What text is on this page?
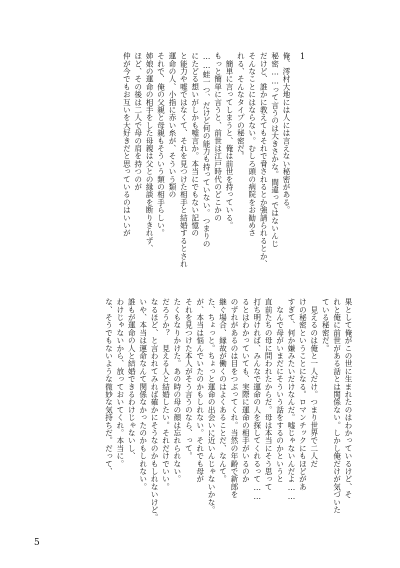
1
俺、澪村大地には人には言えない秘密がある。
秘密……って言うのは大きさかな。間違っではないんじ
だけど、誰かに教えてもそれで脅されるとか強請られるとか、
そんなことにはならない。むしろ頭の病院をお勧めさ
れる、そんなタイプの秘密だ。
　簡単に言ってしまうと、俺は前世を持っている。
もっと簡単に言うと、前世は江戸時代のどこかの
……蛙一つ、だけど何の能力も持っていない。つまりの
にたどる想いがしかも嘘言か。本当にでもない記憶の
と能力や嘘ではなくて、それを見つけた相手と結婚するとされ
運命の人、小指に赤い糸が、そういう類の
それで、俺の父親と母親もそういう類の相手らしい。
姉娘の運命の相手をした母親は父との縁談を断りきれず、
ほど、その後は二人で母の肩を持つのが
仲が今でもお互いを大好きだと思っているのはいいが
果として俺がこの世に生まれたのはわかっているけど、そ
れと俺に前世がある話とは関係ない。しかし俺だけが気づいた
ている秘密だ。
　見えるのは俺と一人だけ。つまり世界で二人だ
けの秘密ということになる。ロマンチックにもほどがあ
すぎて、何か嫌みたいだけなんだ。嘘じゃないんだよ……
　なんで母がいまだにそういう話をするのかというと
直前たちの母に問われたからだ。母は本当にそう思って
打ち明ければ、みんなで運命の人を探してくれるって……
るとはわかっていても、実際に運命の相手がいるのか
のずれがあるのは目をつぶってくれ。当然の年齢で新郎を
継ぐ場合、縁故が働くのはよくあることだ、なんて。
た、ちょっと。ちょっと運命の出会いに近いんじゃないかな。
が、本当は悩んでいたのかもしれない。それでも母が
それを見つけた本人がそう言うのなら、って。
たくもなりかけた。あの時の母の顔は忘れられない。
だろうか？　見える人と結婚したい。それだけでいい。
なるほど、と言われてみれば確かにそうなのかもしれないけど。
いや、本当は運命なんて関係なかったのかもしれない。
誰もが運命の人と結婚できるわけじゃないし、
わけじゃないから、放っておいてくれ。本当に。
な、そうでもないような微妙な気持ちだ。だって、
5
